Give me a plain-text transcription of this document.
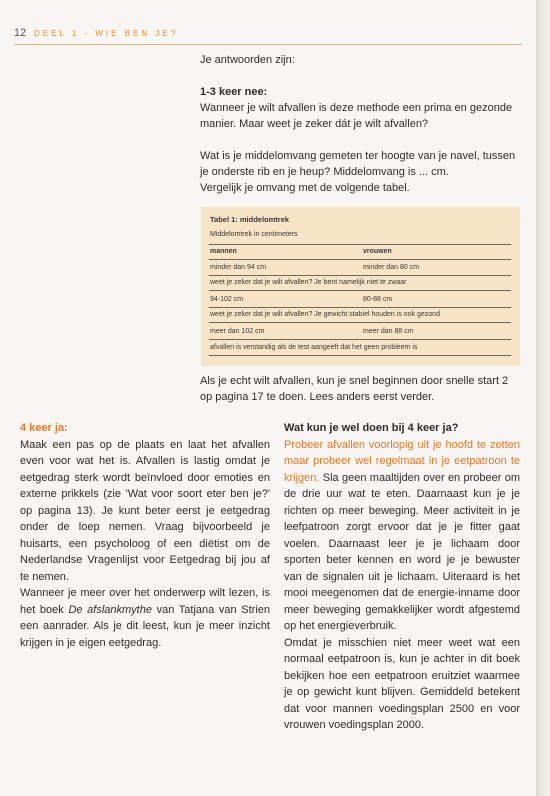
12 DEEL 1 - WIE BEN JE?

Je antwoorden zijn:

1-3 keer nee:

Wanneer je wilt afvallen is deze methode een prima en gezonde manier. Maar weet je zeker dát je wilt afvallen?

Wat is je middelomvang gemeten ter hoogte van je navel, tussen je onderste rib en je heup? Middelomvang is ... cm.

Vergelijk je omvang met de volgende tabel.

Tabel 1: middelomtrek
Middelomtrek in centimeters
mannen	vrouwen
minder dan 94 cm	minder dan 80 cm
weet je zeker dat je wilt afvallen? Je bent namelijk niet te zwaar
94-102 cm	80-88 cm
weet je zeker dat je wilt afvallen? Je gewicht stabiel houden is ook gezond
meer dan 102 cm	meer dan 88 cm
afvallen is verstandig als de test aangeeft dat het geen probleem is

Als je echt wilt afvallen, kun je snel beginnen door snelle start 2 op pagina 17 te doen. Lees anders eerst verder.

4 keer ja:

Maak een pas op de plaats en laat het afvallen even voor wat het is. Afvallen is lastig omdat je eetgedrag sterk wordt beïnvloed door emoties en externe prikkels (zie 'Wat voor soort eter ben je?' op pagina 13). Je kunt beter eerst je eetgedrag onder de loep nemen. Vraag bijvoorbeeld je huisarts, een psycholoog of een diëtist om de Nederlandse Vragenlijst voor Eetgedrag bij jou af te nemen.

Wanneer je meer over het onderwerp wilt lezen, is het boek De afslankmythe van Tatjana van Strien een aanrader. Als je dit leest, kun je meer inzicht krijgen in je eigen eetgedrag.

Wat kun je wel doen bij 4 keer ja?

Probeer afvallen voorlopig uit je hoofd te zetten maar probeer wel regelmaat in je eetpatroon te krijgen. Sla geen maaltijden over en probeer om de drie uur wat te eten. Daarnaast kun je je richten op meer beweging. Meer activiteit in je leefpatroon zorgt ervoor dat je je fitter gaat voelen. Daarnaast leer je je lichaam door sporten beter kennen en word je je bewuster van de signalen uit je lichaam. Uiteraard is het mooi meegenomen dat de energie-inname door meer beweging gemakkelijker wordt afgestemd op het energieverbruik.

Omdat je misschien niet meer weet wat een normaal eetpatroon is, kun je achter in dit boek bekijken hoe een eetpatroon eruitziet waarmee je op gewicht kunt blijven. Gemiddeld betekent dat voor mannen voedingsplan 2500 en voor vrouwen voedingsplan 2000.
